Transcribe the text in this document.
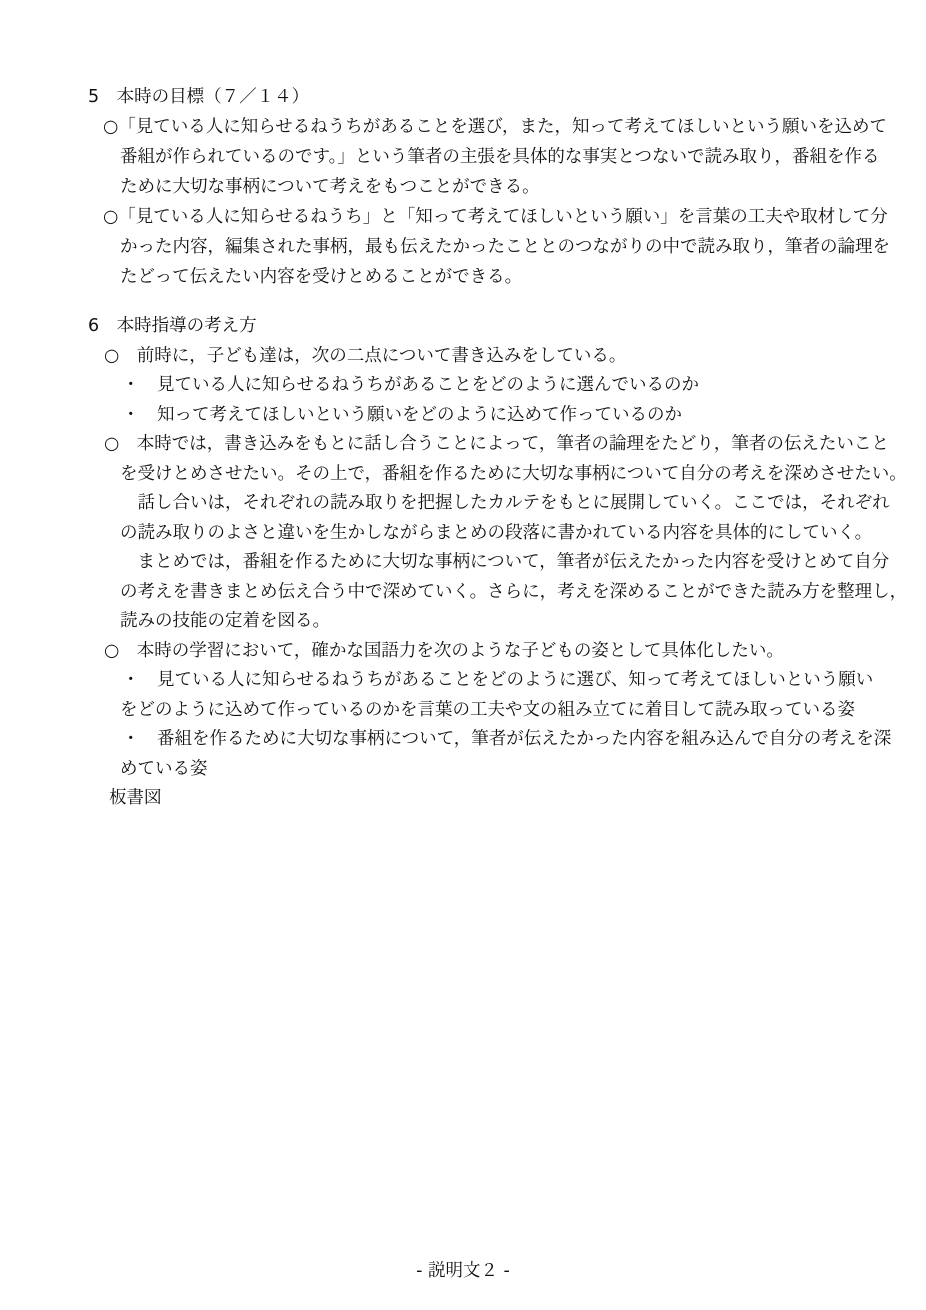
5　本時の目標（７／１４）
○「見ている人に知らせるねうちがあることを選び，また，知って考えてほしいという願いを込めて
番組が作られているのです。」という筆者の主張を具体的な事実とつないで読み取り，番組を作る
ために大切な事柄について考えをもつことができる。
○「見ている人に知らせるねうち」と「知って考えてほしいという願い」を言葉の工夫や取材して分
かった内容，編集された事柄，最も伝えたかったこととのつながりの中で読み取り，筆者の論理を
たどって伝えたい内容を受けとめることができる。
6　本時指導の考え方
○　前時に，子ども達は，次の二点について書き込みをしている。
・　見ている人に知らせるねうちがあることをどのように選んでいるのか
・　知って考えてほしいという願いをどのように込めて作っているのか
○　本時では，書き込みをもとに話し合うことによって，筆者の論理をたどり，筆者の伝えたいこと
を受けとめさせたい。その上で，番組を作るために大切な事柄について自分の考えを深めさせたい。
　話し合いは，それぞれの読み取りを把握したカルテをもとに展開していく。ここでは，それぞれ
の読み取りのよさと違いを生かしながらまとめの段落に書かれている内容を具体的にしていく。
　まとめでは，番組を作るために大切な事柄について，筆者が伝えたかった内容を受けとめて自分
の考えを書きまとめ伝え合う中で深めていく。さらに，考えを深めることができた読み方を整理し，
読みの技能の定着を図る。
○　本時の学習において，確かな国語力を次のような子どもの姿として具体化したい。
・　見ている人に知らせるねうちがあることをどのように選び、知って考えてほしいという願い
をどのように込めて作っているのかを言葉の工夫や文の組み立てに着目して読み取っている姿
・　番組を作るために大切な事柄について，筆者が伝えたかった内容を組み込んで自分の考えを深
めている姿
板書図
- 説明文２ -
